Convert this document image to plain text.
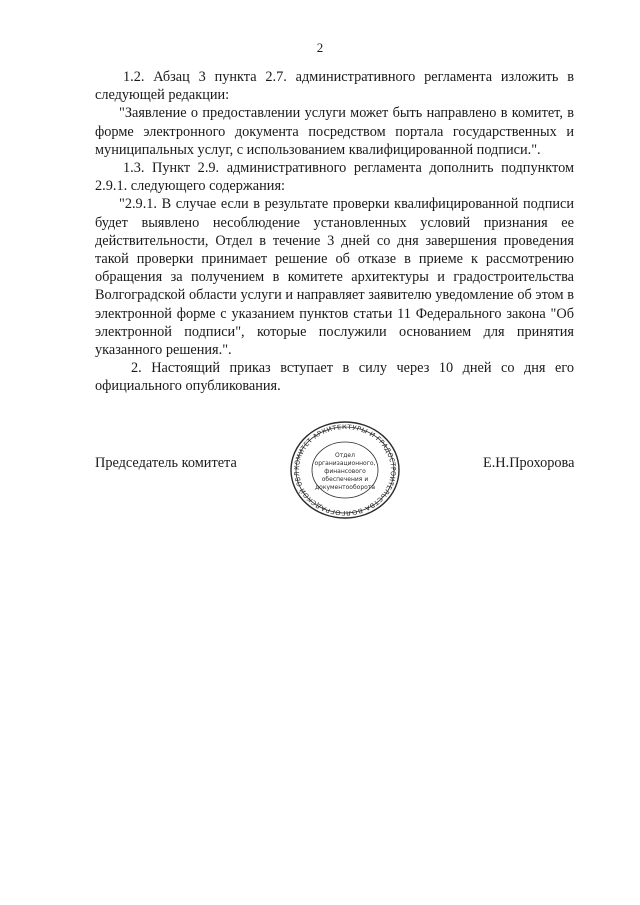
2

1.2. Абзац 3 пункта 2.7. административного регламента изложить в следующей редакции:

"Заявление о предоставлении услуги может быть направлено в комитет, в форме электронного документа посредством портала государственных и муниципальных услуг, с использованием квалифицированной подписи.".

1.3. Пункт 2.9. административного регламента дополнить подпунктом 2.9.1. следующего содержания:

"2.9.1. В случае если в результате проверки квалифицированной подписи будет выявлено несоблюдение установленных условий признания ее действительности, Отдел в течение 3 дней со дня завершения проведения такой проверки принимает решение об отказе в приеме к рассмотрению обращения за получением в комитете архитектуры и градостроительства Волгоградской области услуги и направляет заявителю уведомление об этом в электронной форме с указанием пунктов статьи 11 Федерального закона "Об электронной подписи", которые послужили основанием для принятия указанного решения.".

2. Настоящий приказ вступает в силу через 10 дней со дня его официального опубликования.

Председатель комитета	Е.Н.Прохорова
КОМИТЕТ АРХИТЕКТУРЫ И ГРАДОСТРОИТЕЛЬСТВА ВОЛГОГРАДСКОЙ ОБЛ
Отдел
организационного,
финансового
обеспечения и
документооборота
